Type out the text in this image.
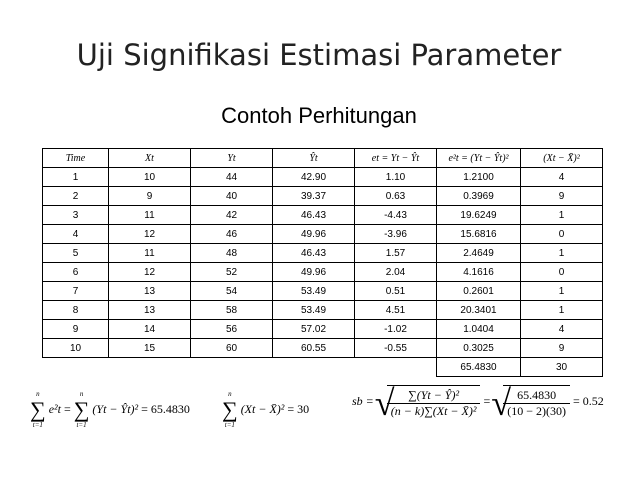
Uji Signifikasi Estimasi Parameter
Contoh Perhitungan
Time	Xt	Yt	Ŷt	et = Yt − Ŷt	e²t = (Yt − Ŷt)²	(Xt − X̄)²
1	10	44	42.90	1.10	1.2100	4
2	9	40	39.37	0.63	0.3969	9
3	11	42	46.43	-4.43	19.6249	1
4	12	46	49.96	-3.96	15.6816	0
5	11	48	46.43	1.57	2.4649	1
6	12	52	49.96	2.04	4.1616	0
7	13	54	53.49	0.51	0.2601	1
8	13	58	53.49	4.51	20.3401	1
9	14	56	57.02	-1.02	1.0404	4
10	15	60	60.55	-0.55	0.3025	9
					65.4830	30
n
∑
t=1
e²t =
n
∑
t=1
(Yt − Ŷt)² = 65.4830
n
∑
t=1
(Xt − X̄)² = 30
sb = √ $\frac{\text{∑(Yt − Ŷ)²}}{\text{(n − k)∑(Xt − X̄)²}}$ = √ $\frac{65.4830}{(10 - 2)(30)} = 0.52$
